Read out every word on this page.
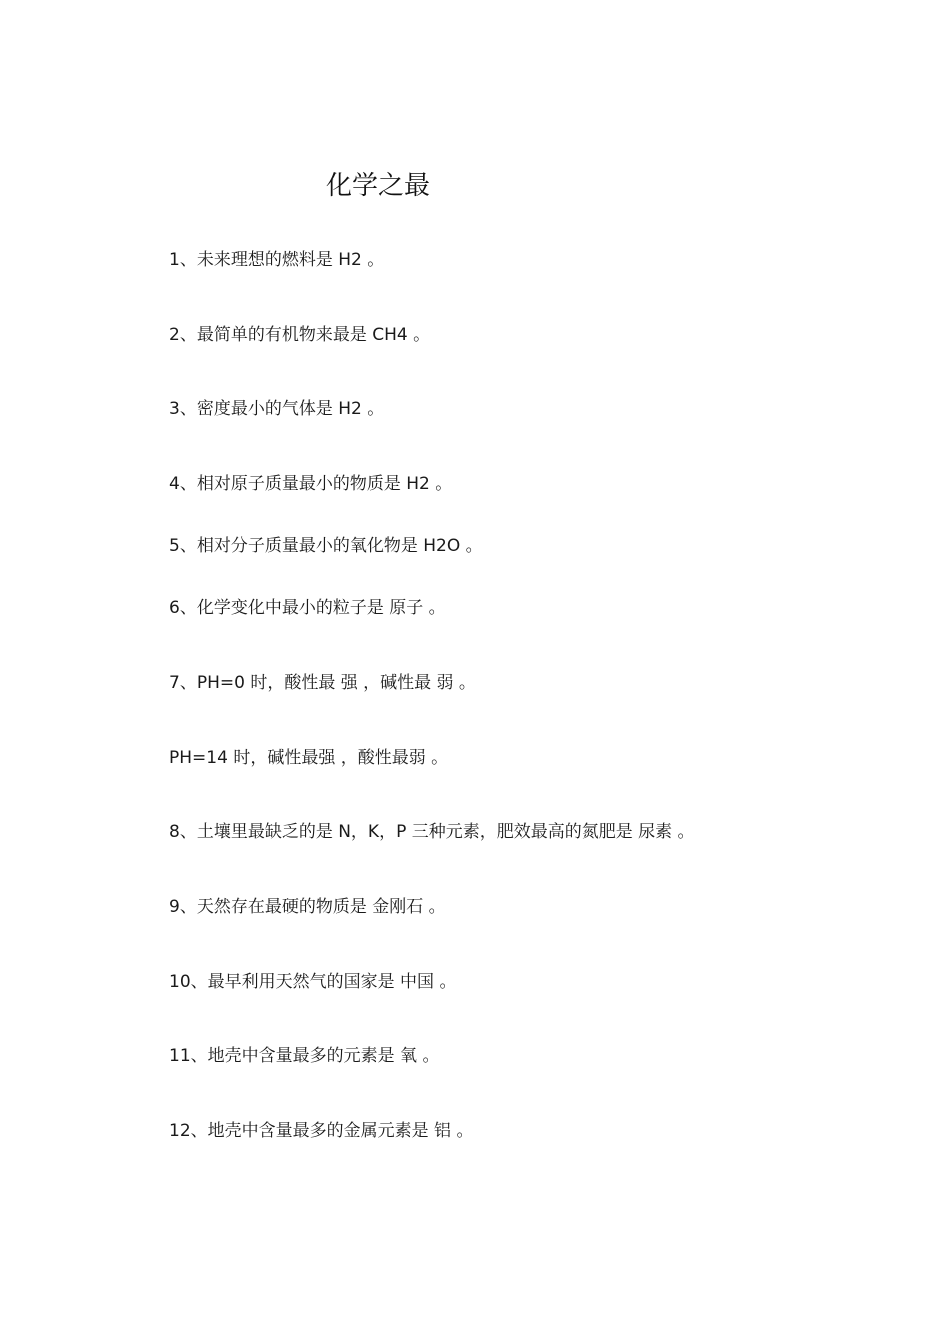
化学之最
1、未来理想的燃料是 H2 。
2、最简单的有机物来最是 CH4 。
3、密度最小的气体是 H2 。
4、相对原子质量最小的物质是 H2 。
5、相对分子质量最小的氧化物是 H2O 。
6、化学变化中最小的粒子是 原子 。
7、PH=0 时，酸性最 强 ，碱性最 弱 。
PH=14 时，碱性最强 ，酸性最弱 。
8、土壤里最缺乏的是 N，K，P 三种元素，肥效最高的氮肥是 尿素 。
9、天然存在最硬的物质是 金刚石 。
10、最早利用天然气的国家是 中国 。
11、地壳中含量最多的元素是 氧 。
12、地壳中含量最多的金属元素是 铝 。
